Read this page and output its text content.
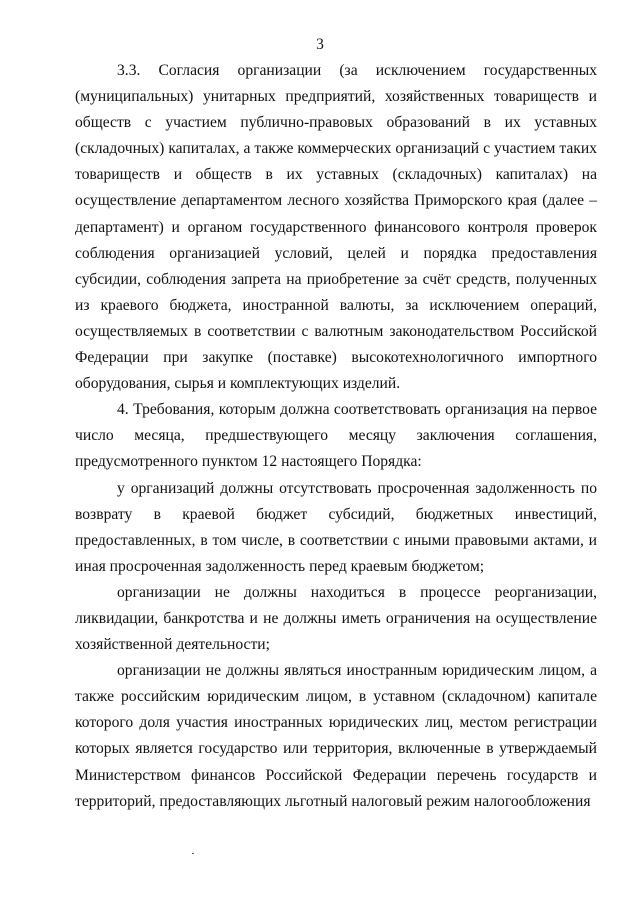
3

3.3. Согласия организации (за исключением государственных (муниципальных) унитарных предприятий, хозяйственных товариществ и обществ с участием публично-правовых образований в их уставных (складочных) капиталах, а также коммерческих организаций с участием таких товариществ и обществ в их уставных (складочных) капиталах) на осуществление департаментом лесного хозяйства Приморского края (далее – департамент) и органом государственного финансового контроля проверок соблюдения организацией условий, целей и порядка предоставления субсидии, соблюдения запрета на приобретение за счёт средств, полученных из краевого бюджета, иностранной валюты, за исключением операций, осуществляемых в соответствии с валютным законодательством Российской Федерации при закупке (поставке) высокотехнологичного импортного оборудования, сырья и комплектующих изделий.

4. Требования, которым должна соответствовать организация на первое число месяца, предшествующего месяцу заключения соглашения, предусмотренного пунктом 12 настоящего Порядка:

у организаций должны отсутствовать просроченная задолженность по возврату в краевой бюджет субсидий, бюджетных инвестиций, предоставленных, в том числе, в соответствии с иными правовыми актами, и иная просроченная задолженность перед краевым бюджетом;

организации не должны находиться в процессе реорганизации, ликвидации, банкротства и не должны иметь ограничения на осуществление хозяйственной деятельности;

организации не должны являться иностранным юридическим лицом, а также российским юридическим лицом, в уставном (складочном) капитале которого доля участия иностранных юридических лиц, местом регистрации которых является государство или территория, включенные в утверждаемый Министерством финансов Российской Федерации перечень государств и территорий, предоставляющих льготный налоговый режим налогообложения
